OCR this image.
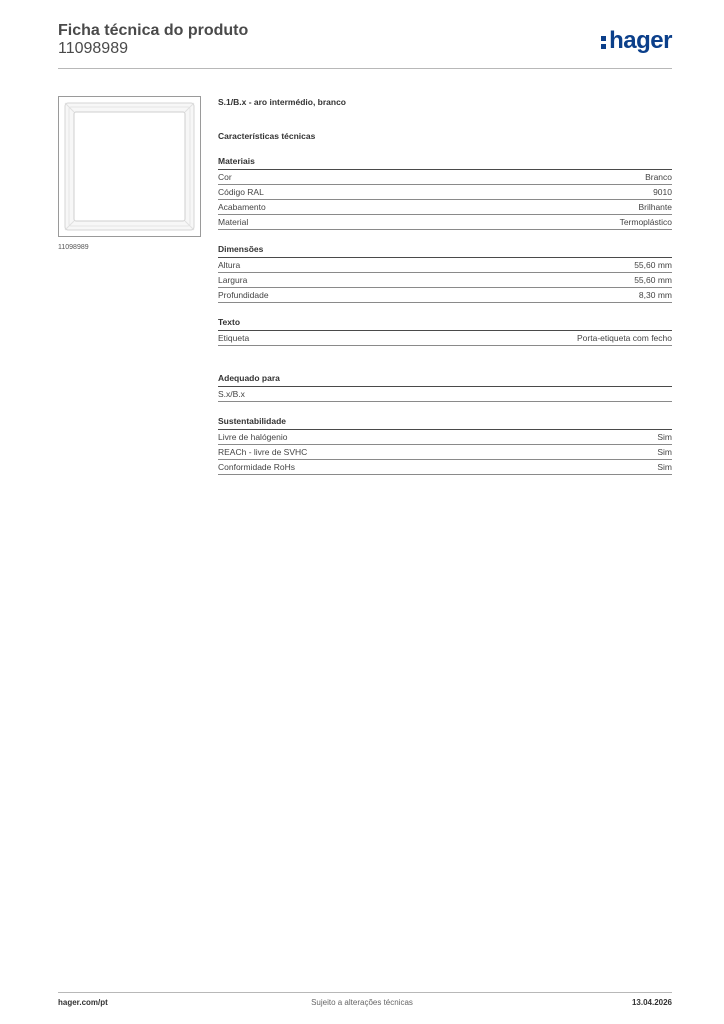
Ficha técnica do produto
11098989	hager
11098989
S.1/B.x - aro intermédio, branco
Características técnicas
Materiais
Cor	Branco
Código RAL	9010
Acabamento	Brilhante
Material	Termoplástico
Dimensões
Altura	55,60 mm
Largura	55,60 mm
Profundidade	8,30 mm
Texto
Etiqueta	Porta-etiqueta com fecho
Adequado para
S.x/B.x
Sustentabilidade
Livre de halógenio	Sim
REACh - livre de SVHC	Sim
Conformidade RoHs	Sim
hager.com/pt	Sujeito a alterações técnicas	13.04.2026
